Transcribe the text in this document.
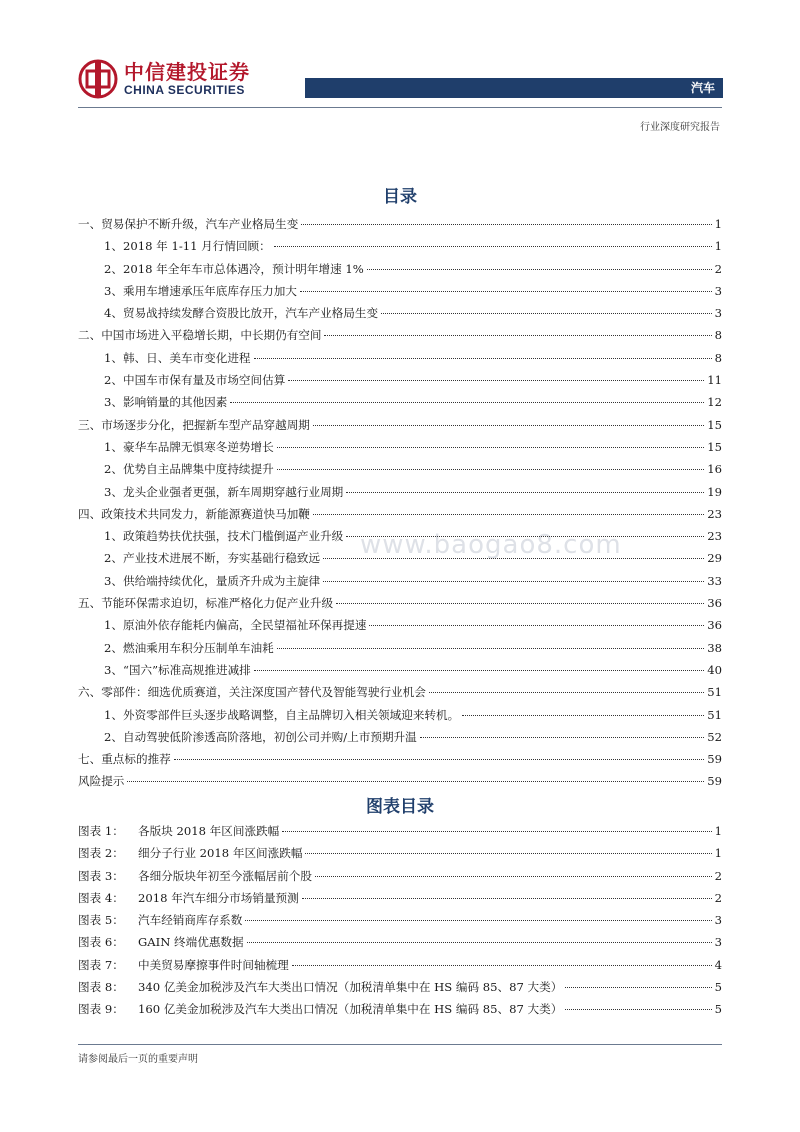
中信建投证券
CHINA SECURITIES	汽车
行业深度研究报告
www.baogao8.com
目录
一、贸易保护不断升级，汽车产业格局生变	1
1、2018 年 1-11 月行情回顾：	1
2、2018 年全年车市总体遇冷，预计明年增速 1%	2
3、乘用车增速承压年底库存压力加大	3
4、贸易战持续发酵合资股比放开，汽车产业格局生变	3
二、中国市场进入平稳增长期，中长期仍有空间	8
1、韩、日、美车市变化进程	8
2、中国车市保有量及市场空间估算	11
3、影响销量的其他因素	12
三、市场逐步分化，把握新车型产品穿越周期	15
1、豪华车品牌无惧寒冬逆势增长	15
2、优势自主品牌集中度持续提升	16
3、龙头企业强者更强，新车周期穿越行业周期	19
四、政策技术共同发力，新能源赛道快马加鞭	23
1、政策趋势扶优扶强，技术门槛倒逼产业升级	23
2、产业技术进展不断，夯实基础行稳致远	29
3、供给端持续优化，量质齐升成为主旋律	33
五、节能环保需求迫切，标准严格化力促产业升级	36
1、原油外依存能耗内偏高，全民望福祉环保再提速	36
2、燃油乘用车积分压制单车油耗	38
3、“国六”标准高规推进减排	40
六、零部件：细选优质赛道，关注深度国产替代及智能驾驶行业机会	51
1、外资零部件巨头逐步战略调整，自主品牌切入相关领域迎来转机。	51
2、自动驾驶低阶渗透高阶落地，初创公司并购/上市预期升温	52
七、重点标的推荐	59
风险提示	59
图表目录
图表 1： 各版块 2018 年区间涨跌幅	1
图表 2： 细分子行业 2018 年区间涨跌幅	1
图表 3： 各细分版块年初至今涨幅居前个股	2
图表 4： 2018 年汽车细分市场销量预测	2
图表 5： 汽车经销商库存系数	3
图表 6： GAIN 终端优惠数据	3
图表 7： 中美贸易摩擦事件时间轴梳理	4
图表 8： 340 亿美金加税涉及汽车大类出口情况（加税清单集中在 HS 编码 85、87 大类）	5
图表 9： 160 亿美金加税涉及汽车大类出口情况（加税清单集中在 HS 编码 85、87 大类）	5
请参阅最后一页的重要声明
